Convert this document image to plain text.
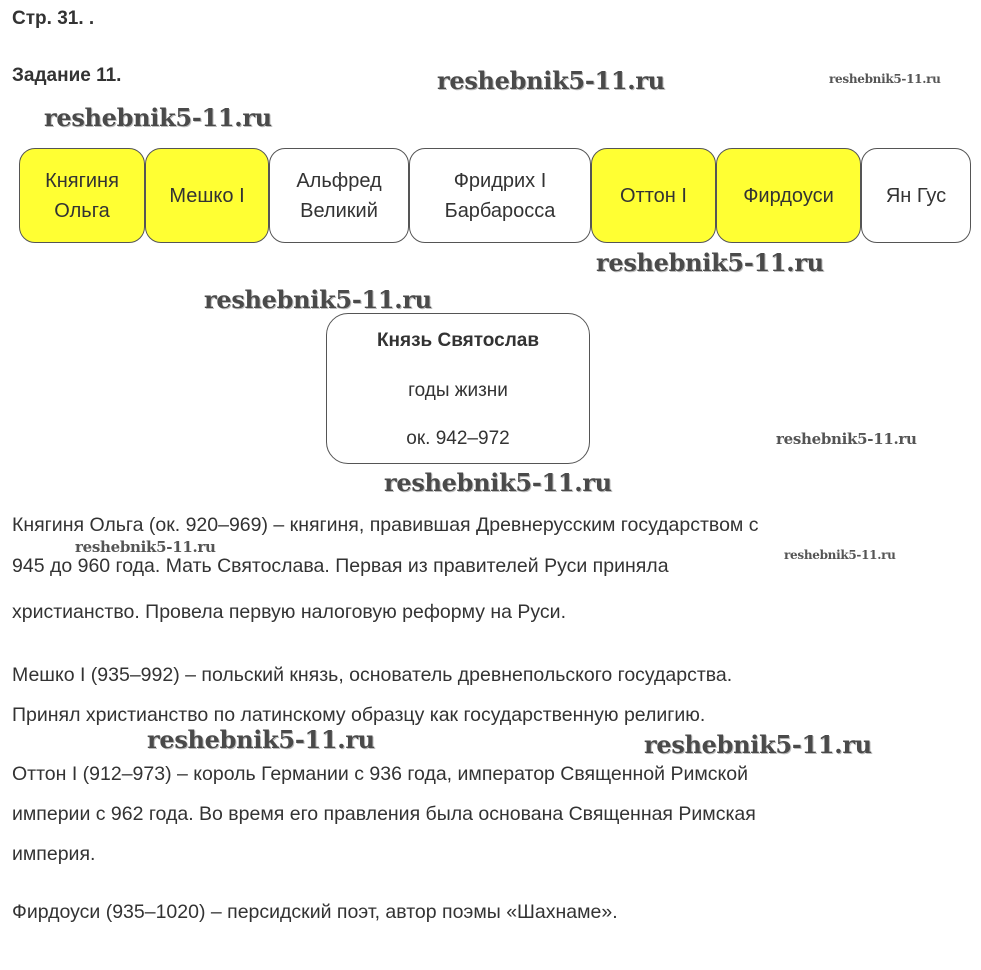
Стр. 31. .
Задание 11.	reshebnik5-11.ru	reshebnik5-11.ru
reshebnik5-11.ru
reshebnik5-11.ru
reshebnik5-11.ru
reshebnik5-11.ru
reshebnik5-11.ru
reshebnik5-11.ru	reshebnik5-11.ru
reshebnik5-11.ru	reshebnik5-11.ru
Княгиня
Ольга
Мешко I
Альфред
Великий
Фридрих I
Барбаросса
Оттон I	Фирдоуси	Ян Гус
Князь Святослав
годы жизни
ок. 942–972
Княгиня Ольга (ок. 920–969) – княгиня, правившая Древнерусским государством с
945 до 960 года. Мать Святослава. Первая из правителей Руси приняла
христианство. Провела первую налоговую реформу на Руси.
Мешко I (935–992) – польский князь, основатель древнепольского государства.
Принял христианство по латинскому образцу как государственную религию.
Оттон I (912–973) – король Германии с 936 года, император Священной Римской
империи с 962 года. Во время его правления была основана Священная Римская
империя.
Фирдоуси (935–1020) – персидский поэт, автор поэмы «Шахнаме».
